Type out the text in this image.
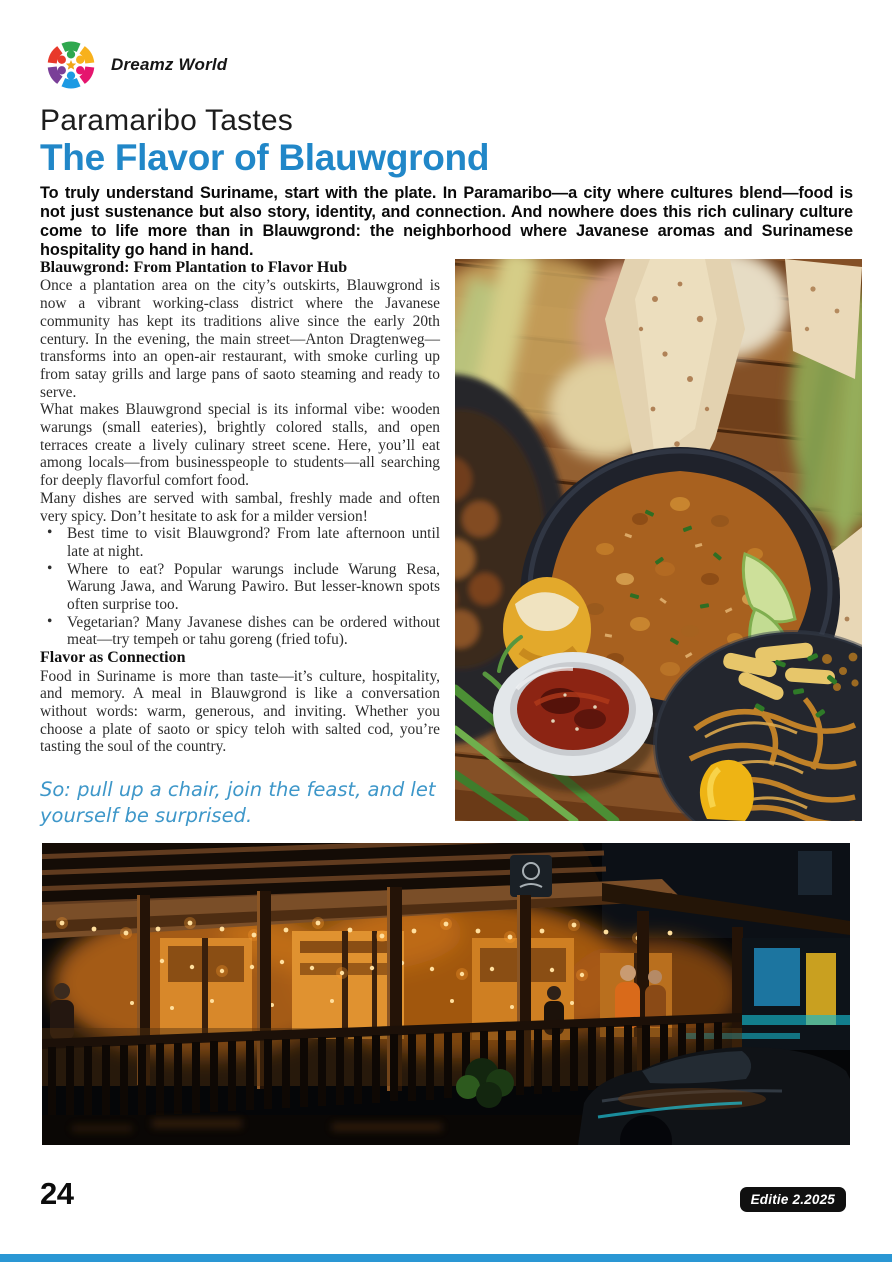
Dreamz World
Paramaribo Tastes
The Flavor of Blauwgrond
To truly understand Suriname, start with the plate. In Paramaribo—a city where cultures blend—food is not just sustenance but also story, identity, and connection. And nowhere does this rich culinary culture come to life more than in Blauwgrond: the neighborhood where Javanese aromas and Surinamese hospitality go hand in hand.
Blauwgrond: From Plantation to Flavor Hub

Once a plantation area on the city’s outskirts, Blauwgrond is now a vibrant working-class district where the Javanese community has kept its traditions alive since the early 20th century. In the evening, the main street—Anton Dragtenweg—transforms into an open-air restaurant, with smoke curling up from satay grills and large pans of saoto steaming and ready to serve.

What makes Blauwgrond special is its informal vibe: wooden warungs (small eateries), brightly colored stalls, and open terraces create a lively culinary street scene. Here, you’ll eat among locals—from businesspeople to students—all searching for deeply flavorful comfort food.

Many dishes are served with sambal, freshly made and often very spicy. Don’t hesitate to ask for a milder version!

• Best time to visit Blauwgrond? From late afternoon until late at night.
• Where to eat? Popular warungs include Warung Resa, Warung Jawa, and Warung Pawiro. But lesser-known spots often surprise too.
• Vegetarian? Many Javanese dishes can be ordered without meat—try tempeh or tahu goreng (fried tofu).
Flavor as Connection

Food in Suriname is more than taste—it’s culture, hospitality, and memory. A meal in Blauwgrond is like a conversation without words: warm, generous, and inviting. Whether you choose a plate of saoto or spicy teloh with salted cod, you’re tasting the soul of the country.

So: pull up a chair, join the feast, and let yourself be surprised.
24	Editie 2.2025
